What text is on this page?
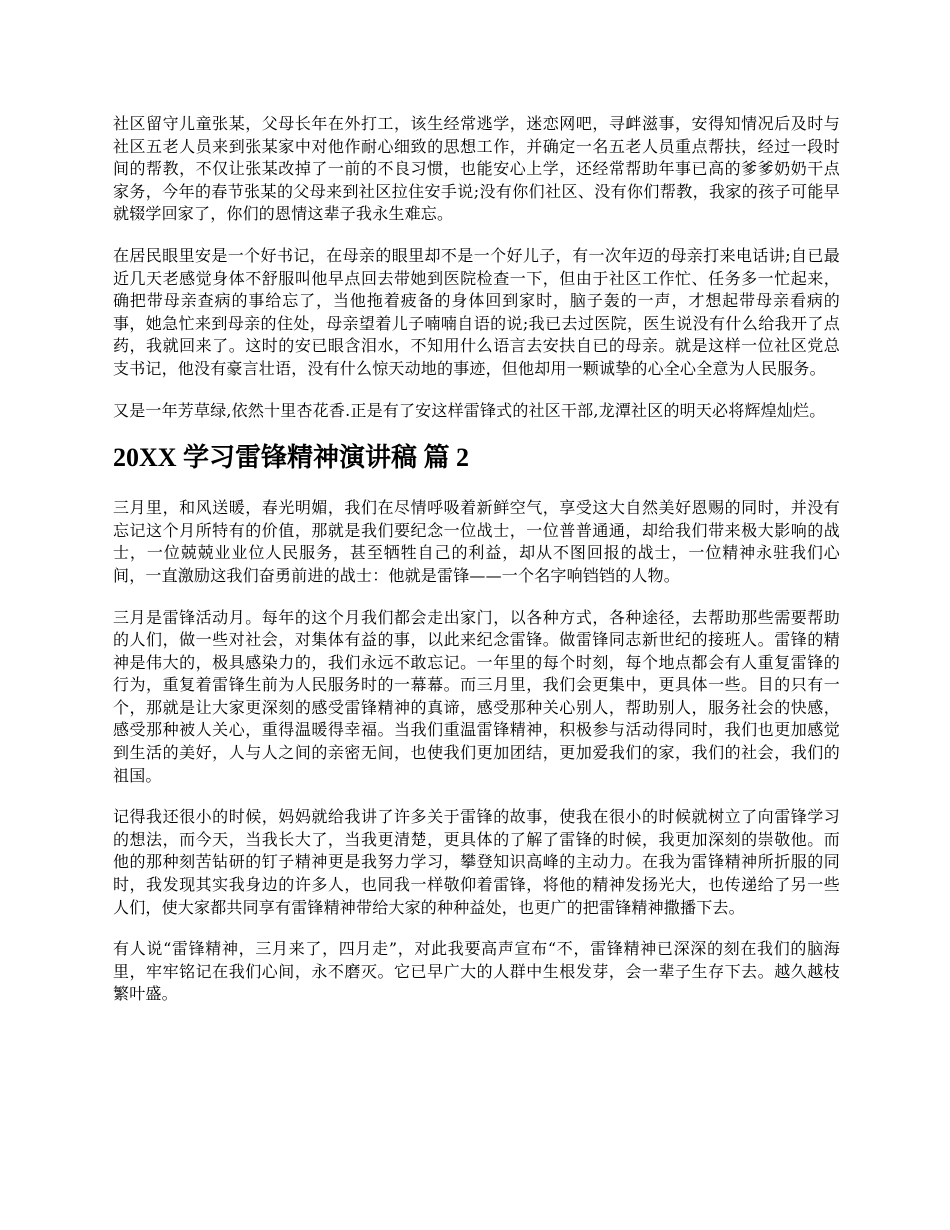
社区留守儿童张某，父母长年在外打工，该生经常逃学，迷恋网吧，寻衅滋事，安得知情况后及时与社区五老人员来到张某家中对他作耐心细致的思想工作，并确定一名五老人员重点帮扶，经过一段时间的帮教，不仅让张某改掉了一前的不良习惯，也能安心上学，还经常帮助年事已高的爹爹奶奶干点家务，今年的春节张某的父母来到社区拉住安手说;没有你们社区、没有你们帮教，我家的孩子可能早就辍学回家了，你们的恩情这辈子我永生难忘。

在居民眼里安是一个好书记，在母亲的眼里却不是一个好儿子，有一次年迈的母亲打来电话讲;自已最近几天老感觉身体不舒服叫他早点回去带她到医院检查一下，但由于社区工作忙、任务多一忙起来，确把带母亲查病的事给忘了，当他拖着疲备的身体回到家时，脑子轰的一声，才想起带母亲看病的事，她急忙来到母亲的住处，母亲望着儿子喃喃自语的说;我已去过医院，医生说没有什么给我开了点药，我就回来了。这时的安已眼含泪水，不知用什么语言去安扶自已的母亲。就是这样一位社区党总支书记，他没有豪言壮语，没有什么惊天动地的事迹，但他却用一颗诚挚的心全心全意为人民服务。

又是一年芳草绿,依然十里杏花香.正是有了安这样雷锋式的社区干部,龙潭社区的明天必将辉煌灿烂。

20XX 学习雷锋精神演讲稿 篇 2

三月里，和风送暖，春光明媚，我们在尽情呼吸着新鲜空气，享受这大自然美好恩赐的同时，并没有忘记这个月所特有的价值，那就是我们要纪念一位战士，一位普普通通，却给我们带来极大影响的战士，一位兢兢业业位人民服务，甚至牺牲自己的利益，却从不图回报的战士，一位精神永驻我们心间，一直激励这我们奋勇前进的战士：他就是雷锋——一个名字响铛铛的人物。

三月是雷锋活动月。每年的这个月我们都会走出家门，以各种方式，各种途径，去帮助那些需要帮助的人们，做一些对社会，对集体有益的事，以此来纪念雷锋。做雷锋同志新世纪的接班人。雷锋的精神是伟大的，极具感染力的，我们永远不敢忘记。一年里的每个时刻，每个地点都会有人重复雷锋的行为，重复着雷锋生前为人民服务时的一幕幕。而三月里，我们会更集中，更具体一些。目的只有一个，那就是让大家更深刻的感受雷锋精神的真谛，感受那种关心别人，帮助别人，服务社会的快感，感受那种被人关心，重得温暖得幸福。当我们重温雷锋精神，积极参与活动得同时，我们也更加感觉到生活的美好，人与人之间的亲密无间，也使我们更加团结，更加爱我们的家，我们的社会，我们的祖国。

记得我还很小的时候，妈妈就给我讲了许多关于雷锋的故事，使我在很小的时候就树立了向雷锋学习的想法，而今天，当我长大了，当我更清楚，更具体的了解了雷锋的时候，我更加深刻的崇敬他。而他的那种刻苦钻研的钉子精神更是我努力学习，攀登知识高峰的主动力。在我为雷锋精神所折服的同时，我发现其实我身边的许多人，也同我一样敬仰着雷锋，将他的精神发扬光大，也传递给了另一些人们，使大家都共同享有雷锋精神带给大家的种种益处，也更广的把雷锋精神撒播下去。

有人说“雷锋精神，三月来了，四月走”，对此我要高声宣布“不，雷锋精神已深深的刻在我们的脑海里，牢牢铭记在我们心间，永不磨灭。它已早广大的人群中生根发芽，会一辈子生存下去。越久越枝繁叶盛。
